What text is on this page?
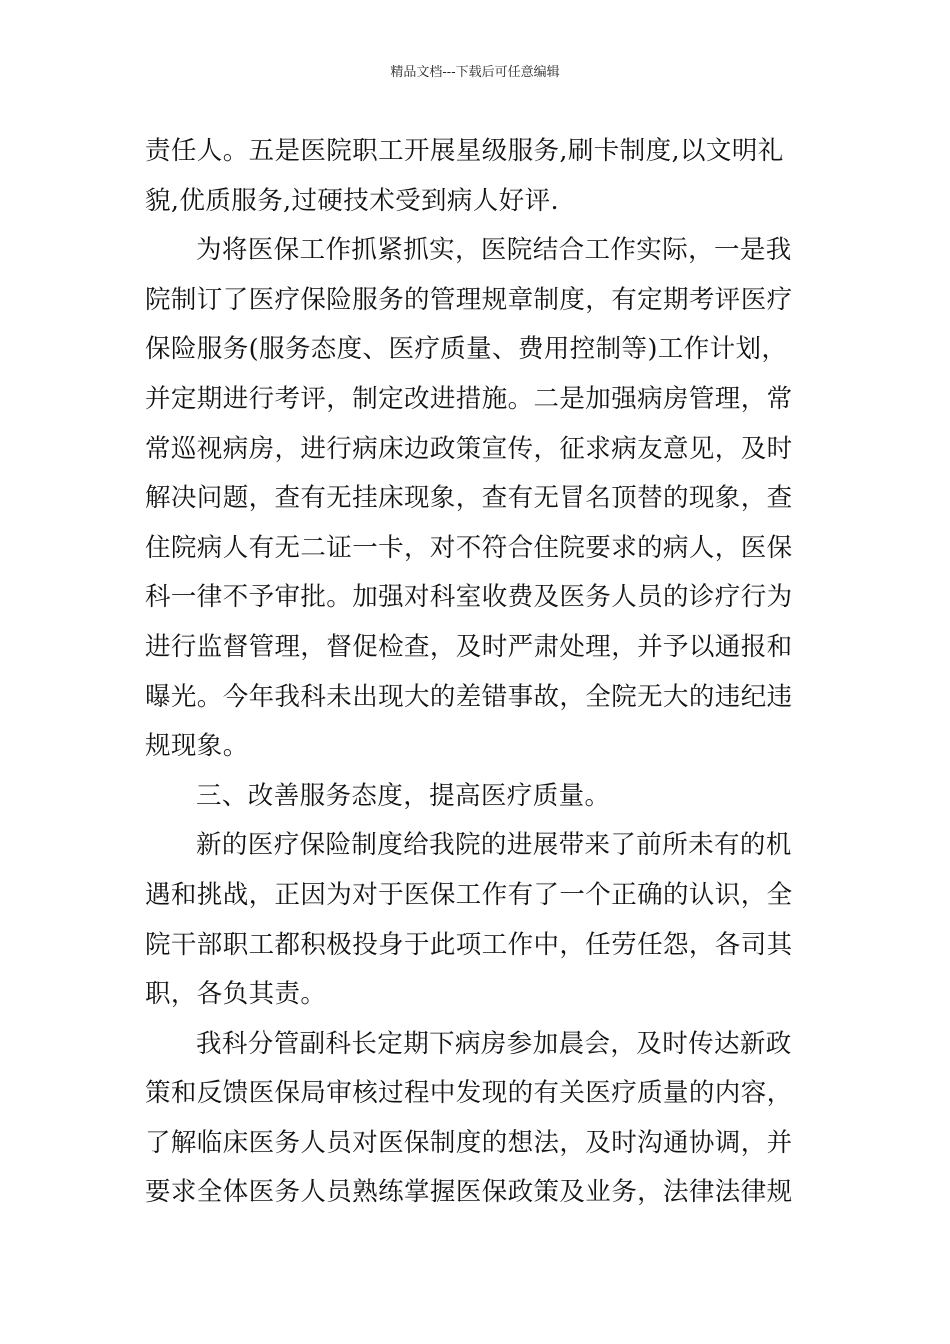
精品文档---下载后可任意编辑
责任人。五是医院职工开展星级服务,刷卡制度,以文明礼
貌,优质服务,过硬技术受到病人好评.
为将医保工作抓紧抓实，医院结合工作实际，一是我
院制订了医疗保险服务的管理规章制度，有定期考评医疗
保险服务(服务态度、医疗质量、费用控制等)工作计划，
并定期进行考评，制定改进措施。二是加强病房管理，常
常巡视病房，进行病床边政策宣传，征求病友意见，及时
解决问题，查有无挂床现象，查有无冒名顶替的现象，查
住院病人有无二证一卡，对不符合住院要求的病人，医保
科一律不予审批。加强对科室收费及医务人员的诊疗行为
进行监督管理，督促检查，及时严肃处理，并予以通报和
曝光。今年我科未出现大的差错事故，全院无大的违纪违
规现象。
三、改善服务态度，提高医疗质量。
新的医疗保险制度给我院的进展带来了前所未有的机
遇和挑战，正因为对于医保工作有了一个正确的认识，全
院干部职工都积极投身于此项工作中，任劳任怨，各司其
职，各负其责。
我科分管副科长定期下病房参加晨会，及时传达新政
策和反馈医保局审核过程中发现的有关医疗质量的内容，
了解临床医务人员对医保制度的想法，及时沟通协调，并
要求全体医务人员熟练掌握医保政策及业务，法律法律规
